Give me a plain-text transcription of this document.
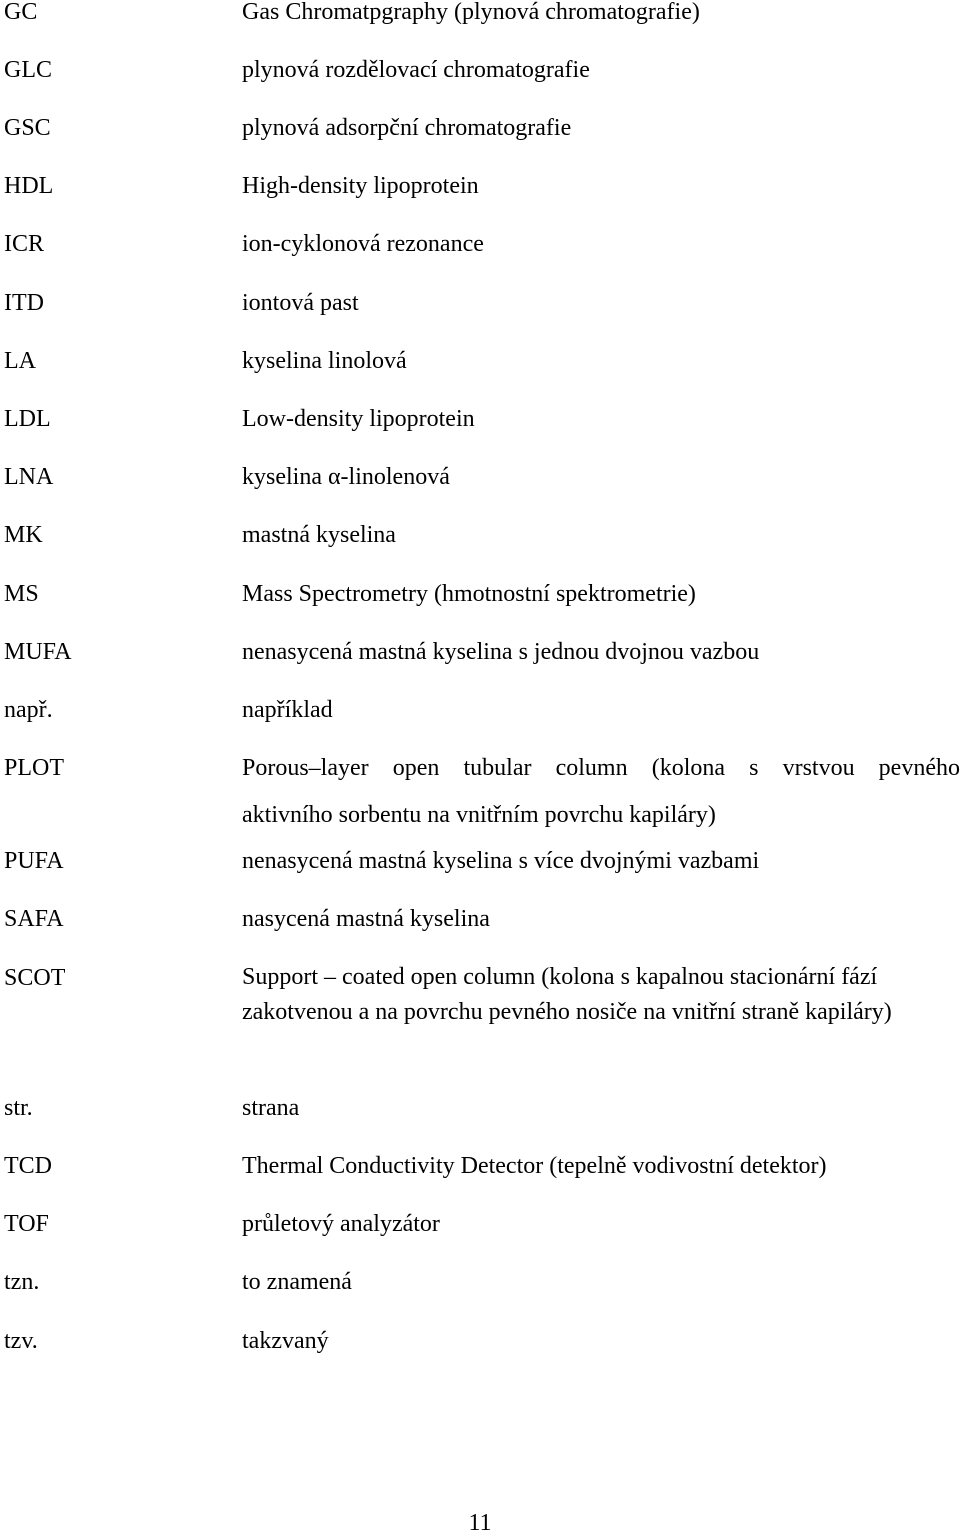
GC	Gas Chromatpgraphy (plynová chromatografie)
GLC	plynová rozdělovací chromatografie
GSC	plynová adsorpční chromatografie
HDL	High-density lipoprotein
ICR	ion-cyklonová rezonance
ITD	iontová past
LA	kyselina linolová
LDL	Low-density lipoprotein
LNA	kyselina α-linolenová
MK	mastná kyselina
MS	Mass Spectrometry (hmotnostní spektrometrie)
MUFA	nenasycená mastná kyselina s jednou dvojnou vazbou
např.	například
PLOT	Porous–layer open tubular column (kolona s vrstvou pevného
aktivního sorbentu na vnitřním povrchu kapiláry)
PUFA	nenasycená mastná kyselina s více dvojnými vazbami
SAFA	nasycená mastná kyselina
SCOT	Support – coated open column (kolona s kapalnou stacionární fází zakotvenou a na povrchu pevného nosiče na vnitřní straně kapiláry)
str.	strana
TCD	Thermal Conductivity Detector (tepelně vodivostní detektor)
TOF	průletový analyzátor
tzn.	to znamená
tzv.	takzvaný
11
